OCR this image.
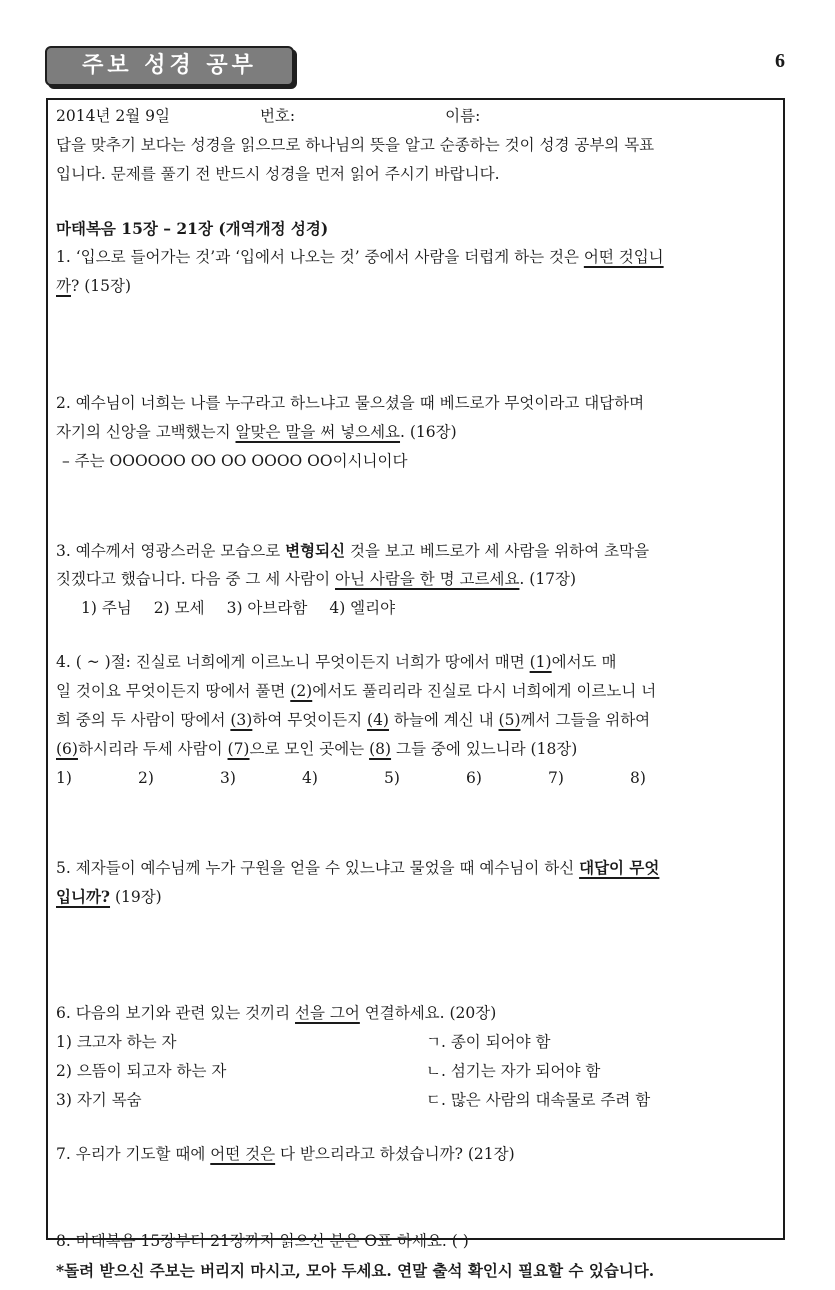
주보 성경 공부	6
2014년 2월 9일	번호:	이름:
답을 맞추기 보다는 성경을 읽으므로 하나님의 뜻을 알고 순종하는 것이 성경 공부의 목표
입니다. 문제를 풀기 전 반드시 성경을 먼저 읽어 주시기 바랍니다.
마태복음 15장 – 21장 (개역개정 성경)
1. ‘입으로 들어가는 것’과 ‘입에서 나오는 것’ 중에서 사람을 더럽게 하는 것은 어떤 것입니
까? (15장)
2. 예수님이 너희는 나를 누구라고 하느냐고 물으셨을 때 베드로가 무엇이라고 대답하며
자기의 신앙을 고백했는지 알맞은 말을 써 넣으세요. (16장)
– 주는 OOOOOO OO OO OOOO OO이시니이다
3. 예수께서 영광스러운 모습으로 변형되신 것을 보고 베드로가 세 사람을 위하여 초막을
짓겠다고 했습니다. 다음 중 그 세 사람이 아닌 사람을 한 명 고르세요. (17장)
1) 주님 2) 모세 3) 아브라함 4) 엘리야
4. ( ~ )절: 진실로 너희에게 이르노니 무엇이든지 너희가 땅에서 매면 (1)에서도 매
일 것이요 무엇이든지 땅에서 풀면 (2)에서도 풀리리라 진실로 다시 너희에게 이르노니 너
희 중의 두 사람이 땅에서 (3)하여 무엇이든지 (4) 하늘에 계신 내 (5)께서 그들을 위하여
(6)하시리라 두세 사람이 (7)으로 모인 곳에는 (8) 그들 중에 있느니라 (18장)
1)	2)	3)	4)	5)	6)	7)	8)
5. 제자들이 예수님께 누가 구원을 얻을 수 있느냐고 물었을 때 예수님이 하신 대답이 무엇
입니까? (19장)
6. 다음의 보기와 관련 있는 것끼리 선을 그어 연결하세요. (20장)
1) 크고자 하는 자	ㄱ. 종이 되어야 함
2) 으뜸이 되고자 하는 자	ㄴ. 섬기는 자가 되어야 함
3) 자기 목숨	ㄷ. 많은 사람의 대속물로 주려 함
7. 우리가 기도할 때에 어떤 것은 다 받으리라고 하셨습니까? (21장)
8. 마태복음 15장부터 21장까지 읽으신 분은 O표 하세요. ( )
*돌려 받으신 주보는 버리지 마시고, 모아 두세요. 연말 출석 확인시 필요할 수 있습니다.
